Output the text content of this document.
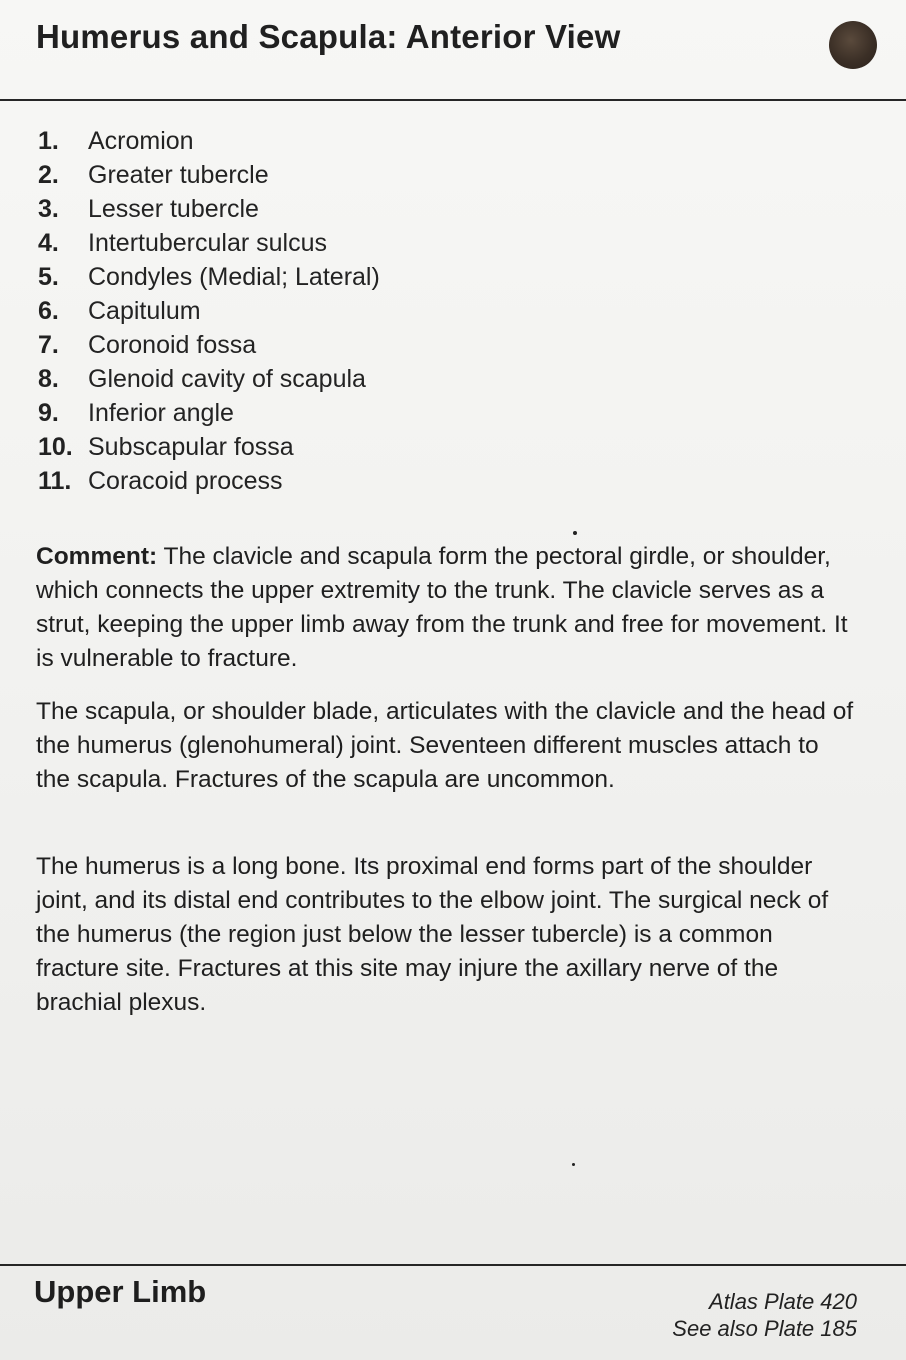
Humerus and Scapula: Anterior View
1. Acromion
2. Greater tubercle
3. Lesser tubercle
4. Intertubercular sulcus
5. Condyles (Medial; Lateral)
6. Capitulum
7. Coronoid fossa
8. Glenoid cavity of scapula
9. Inferior angle
10. Subscapular fossa
11. Coracoid process

Comment: The clavicle and scapula form the pectoral girdle, or shoulder, which connects the upper extremity to the trunk. The clavicle serves as a strut, keeping the upper limb away from the trunk and free for movement. It is vulnerable to fracture.

The scapula, or shoulder blade, articulates with the clavicle and the head of the humerus (glenohumeral) joint. Seventeen different muscles attach to the scapula. Fractures of the scapula are uncommon.

The humerus is a long bone. Its proximal end forms part of the shoulder joint, and its distal end contributes to the elbow joint. The surgical neck of the humerus (the region just below the lesser tubercle) is a common fracture site. Fractures at this site may injure the axillary nerve of the brachial plexus.

Upper Limb	Atlas Plate 420
See also Plate 185
